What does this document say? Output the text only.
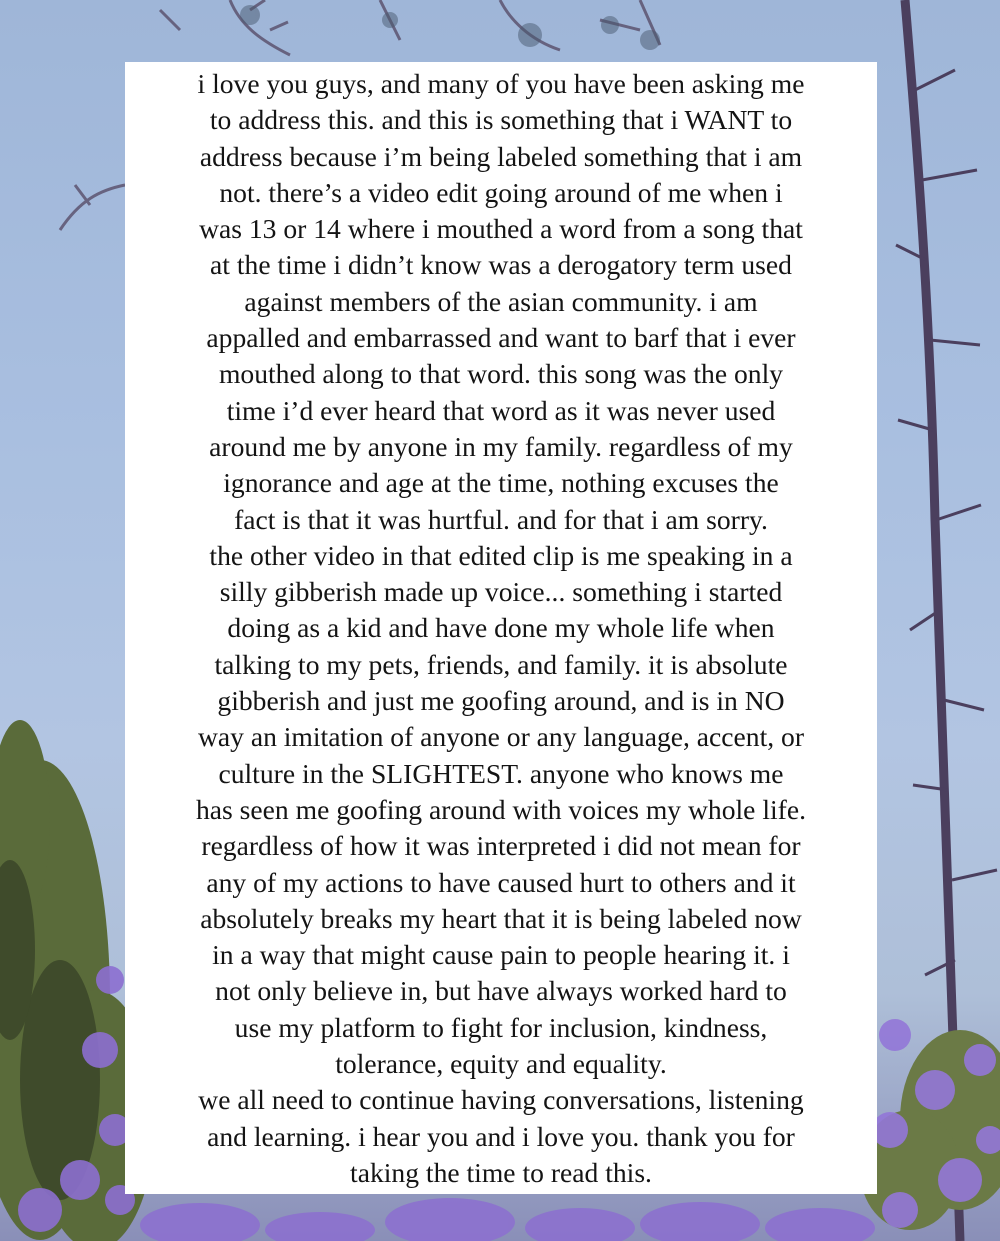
i love you guys, and many of you have been asking me
to address this. and this is something that i WANT to
address because i’m being labeled something that i am
not. there’s a video edit going around of me when i
was 13 or 14 where i mouthed a word from a song that
at the time i didn’t know was a derogatory term used
against members of the asian community. i am
appalled and embarrassed and want to barf that i ever
mouthed along to that word. this song was the only
time i’d ever heard that word as it was never used
around me by anyone in my family. regardless of my
ignorance and age at the time, nothing excuses the
fact is that it was hurtful. and for that i am sorry.
the other video in that edited clip is me speaking in a
silly gibberish made up voice... something i started
doing as a kid and have done my whole life when
talking to my pets, friends, and family. it is absolute
gibberish and just me goofing around, and is in NO
way an imitation of anyone or any language, accent, or
culture in the SLIGHTEST. anyone who knows me
has seen me goofing around with voices my whole life.
regardless of how it was interpreted i did not mean for
any of my actions to have caused hurt to others and it
absolutely breaks my heart that it is being labeled now
in a way that might cause pain to people hearing it. i
not only believe in, but have always worked hard to
use my platform to fight for inclusion, kindness,
tolerance, equity and equality.
we all need to continue having conversations, listening
and learning. i hear you and i love you. thank you for
taking the time to read this.
